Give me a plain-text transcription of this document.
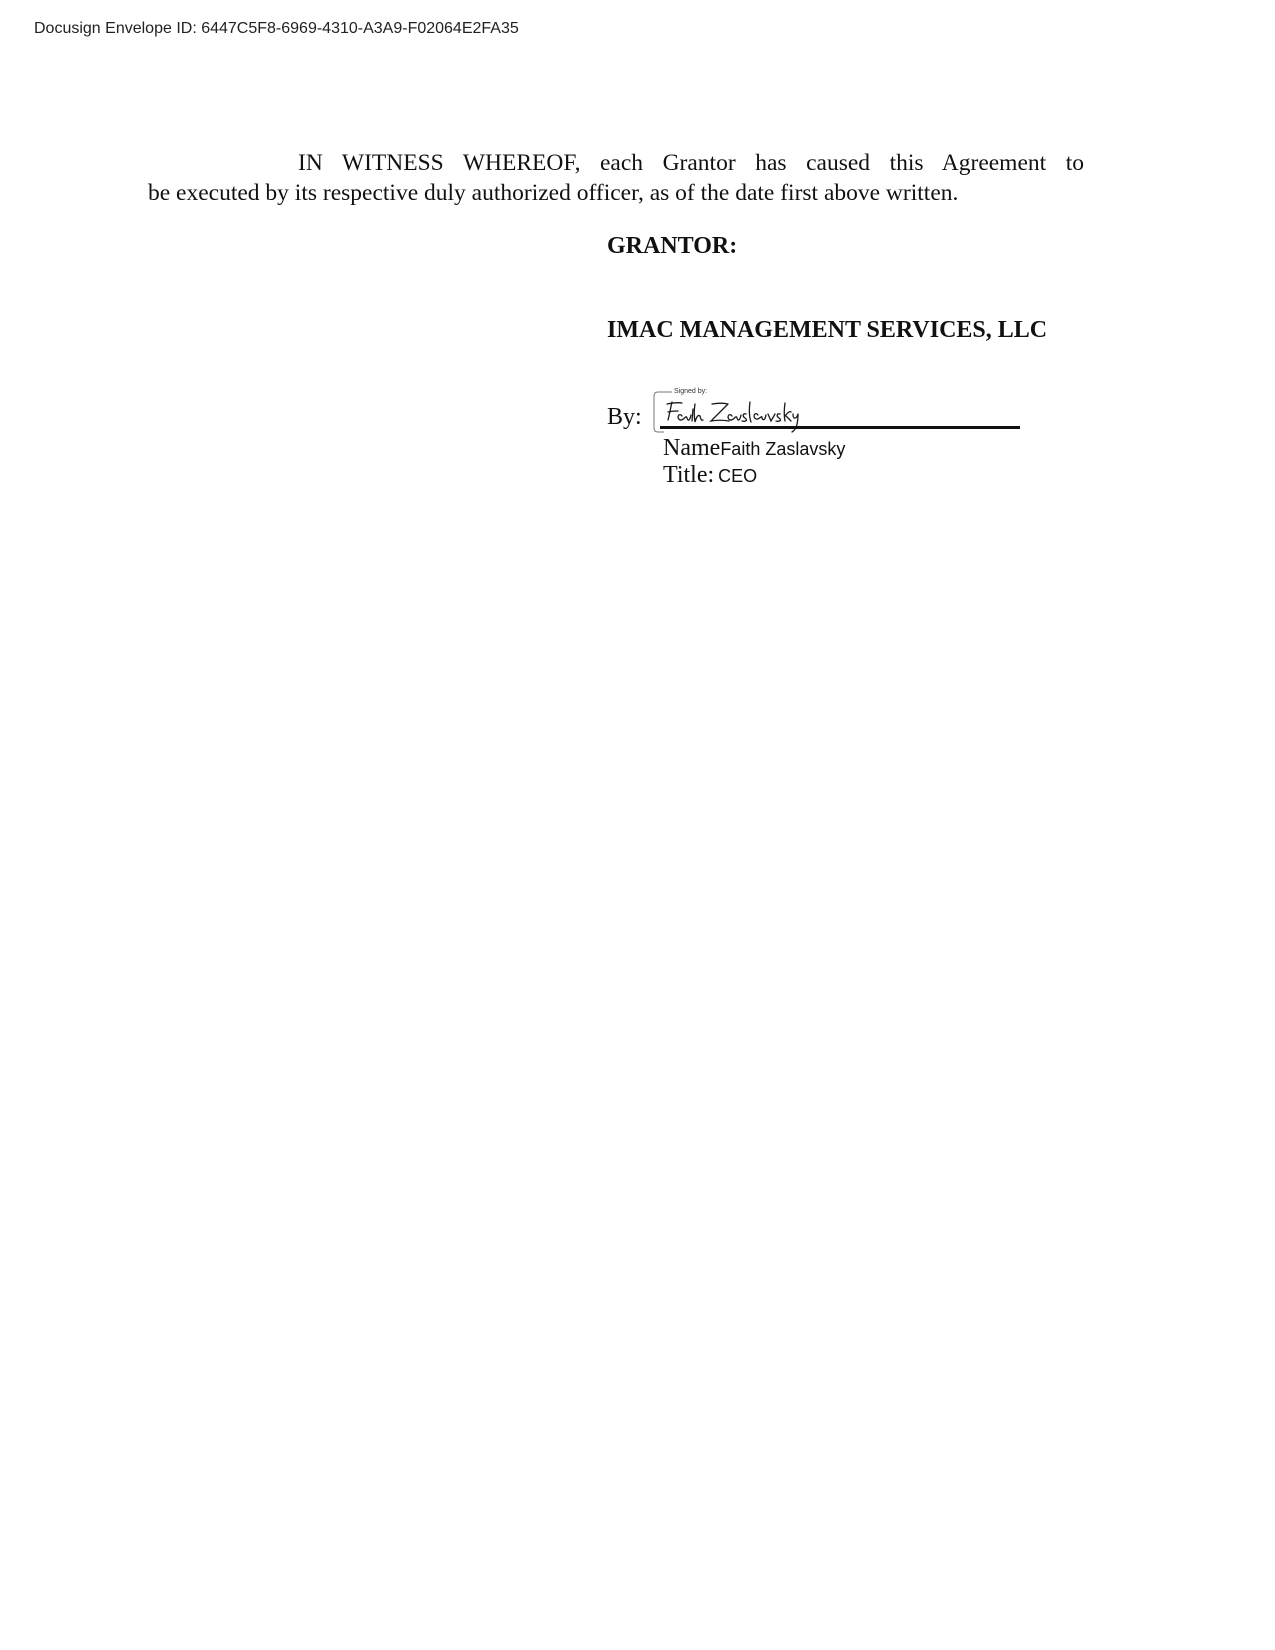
Docusign Envelope ID: 6447C5F8-6969-4310-A3A9-F02064E2FA35
IN WITNESS WHEREOF, each Grantor has caused this Agreement to
be executed by its respective duly authorized officer, as of the date first above written.
GRANTOR:
IMAC MANAGEMENT SERVICES, LLC
By:
Signed by:
NameFaith Zaslavsky
Title: CEO
